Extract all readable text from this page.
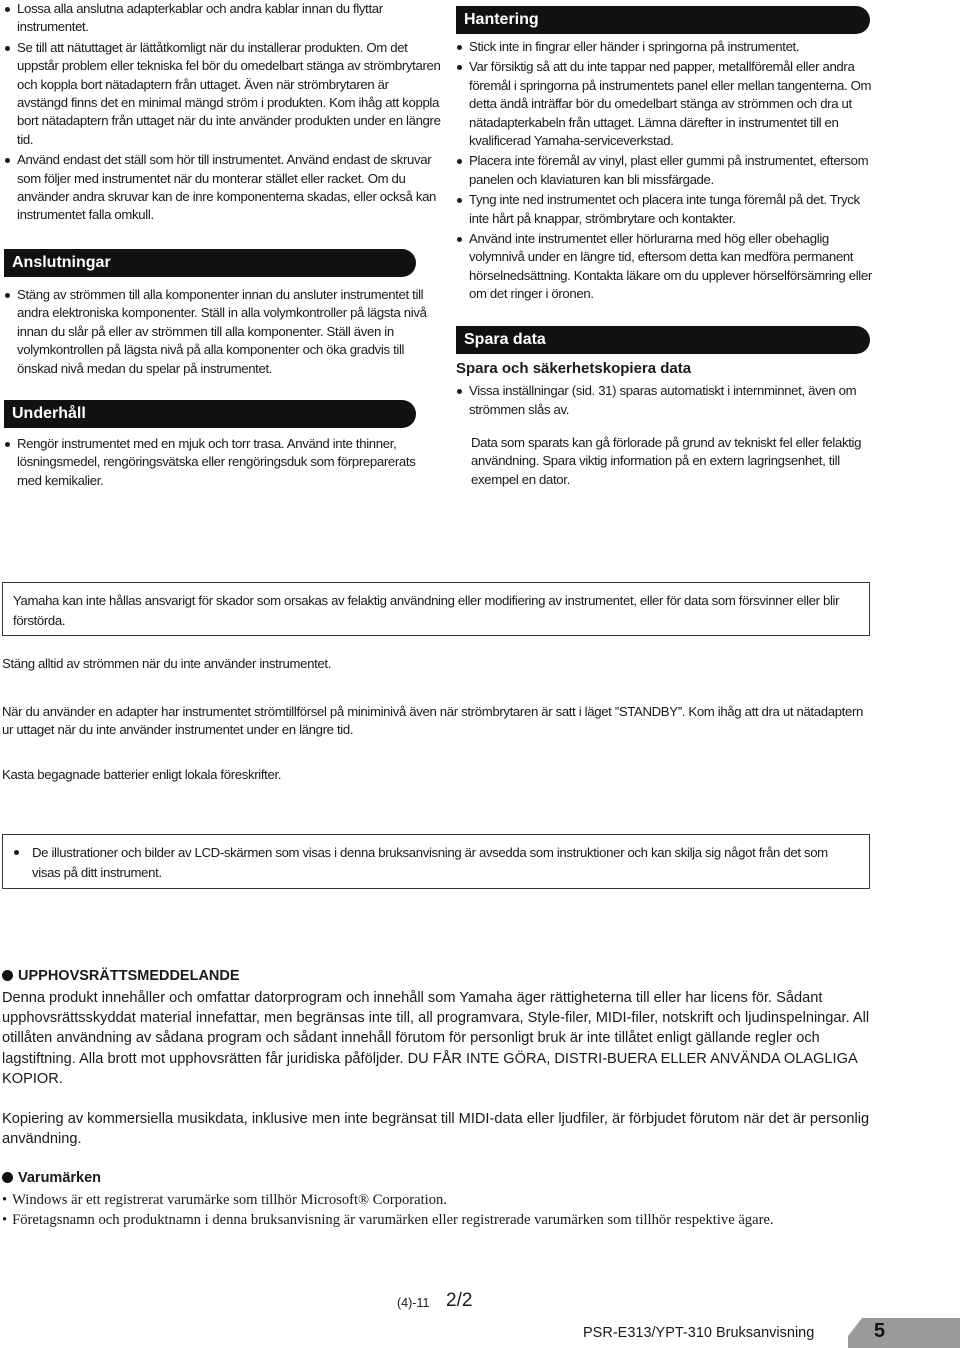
Lossa alla anslutna adapterkablar och andra kablar innan du flyttar instrumentet.
Se till att nätuttaget är lättåtkomligt när du installerar produkten. Om det uppstår problem eller tekniska fel bör du omedelbart stänga av strömbrytaren och koppla bort nätadaptern från uttaget. Även när strömbrytaren är avstängd finns det en minimal mängd ström i produkten. Kom ihåg att koppla bort nätadaptern från uttaget när du inte använder produkten under en längre tid.
Använd endast det ställ som hör till instrumentet. Använd endast de skruvar som följer med instrumentet när du monterar stället eller racket. Om du använder andra skruvar kan de inre komponenterna skadas, eller också kan instrumentet falla omkull.
Anslutningar
Stäng av strömmen till alla komponenter innan du ansluter instrumentet till andra elektroniska komponenter. Ställ in alla volymkontroller på lägsta nivå innan du slår på eller av strömmen till alla komponenter. Ställ även in volymkontrollen på lägsta nivå på alla komponenter och öka gradvis till önskad nivå medan du spelar på instrumentet.
Underhåll
Rengör instrumentet med en mjuk och torr trasa. Använd inte thinner, lösningsmedel, rengöringsvätska eller rengöringsduk som förpreparerats med kemikalier.
Hantering
Stick inte in fingrar eller händer i springorna på instrumentet.
Var försiktig så att du inte tappar ned papper, metallföremål eller andra föremål i springorna på instrumentets panel eller mellan tangenterna. Om detta ändå inträffar bör du omedelbart stänga av strömmen och dra ut nätadapterkabeln från uttaget. Lämna därefter in instrumentet till en kvalificerad Yamaha-serviceverkstad.
Placera inte föremål av vinyl, plast eller gummi på instrumentet, eftersom panelen och klaviaturen kan bli missfärgade.
Tyng inte ned instrumentet och placera inte tunga föremål på det. Tryck inte hårt på knappar, strömbrytare och kontakter.
Använd inte instrumentet eller hörlurarna med hög eller obehaglig volymnivå under en längre tid, eftersom detta kan medföra permanent hörselnedsättning. Kontakta läkare om du upplever hörselförsämring eller om det ringer i öronen.
Spara data

Spara och säkerhetskopiera data

Vissa inställningar (sid. 31) sparas automatiskt i internminnet, även om strömmen slås av.

Data som sparats kan gå förlorade på grund av tekniskt fel eller felaktig användning. Spara viktig information på en extern lagringsenhet, till exempel en dator.

Yamaha kan inte hållas ansvarigt för skador som orsakas av felaktig användning eller modifiering av instrumentet, eller för data som försvinner eller blir förstörda.

Stäng alltid av strömmen när du inte använder instrumentet.

När du använder en adapter har instrumentet strömtillförsel på miniminivå även när strömbrytaren är satt i läget ”STANDBY”. Kom ihåg att dra ut nätadaptern ur uttaget när du inte använder instrumentet under en längre tid.

Kasta begagnade batterier enligt lokala föreskrifter.

De illustrationer och bilder av LCD-skärmen som visas i denna bruksanvisning är avsedda som instruktioner och kan skilja sig något från det som visas på ditt instrument.

UPPHOVSRÄTTSMEDDELANDE

Denna produkt innehåller och omfattar datorprogram och innehåll som Yamaha äger rättigheterna till eller har licens för. Sådant upphovsrättsskyddat material innefattar, men begränsas inte till, all programvara, Style-filer, MIDI-filer, notskrift och ljudinspelningar. All otillåten användning av sådana program och sådant innehåll förutom för personligt bruk är inte tillåtet enligt gällande regler och lagstiftning. Alla brott mot upphovsrätten får juridiska påföljder. DU FÅR INTE GÖRA, DISTRI-BUERA ELLER ANVÄNDA OLAGLIGA KOPIOR.

Kopiering av kommersiella musikdata, inklusive men inte begränsat till MIDI-data eller ljudfiler, är förbjudet förutom när det är personlig användning.

Varumärken

• Windows är ett registrerat varumärke som tillhör Microsoft® Corporation.
• Företagsnamn och produktnamn i denna bruksanvisning är varumärken eller registrerade varumärken som tillhör respektive ägare.
(4)-11 2/2
PSR-E313/YPT-310 Bruksanvisning	5
